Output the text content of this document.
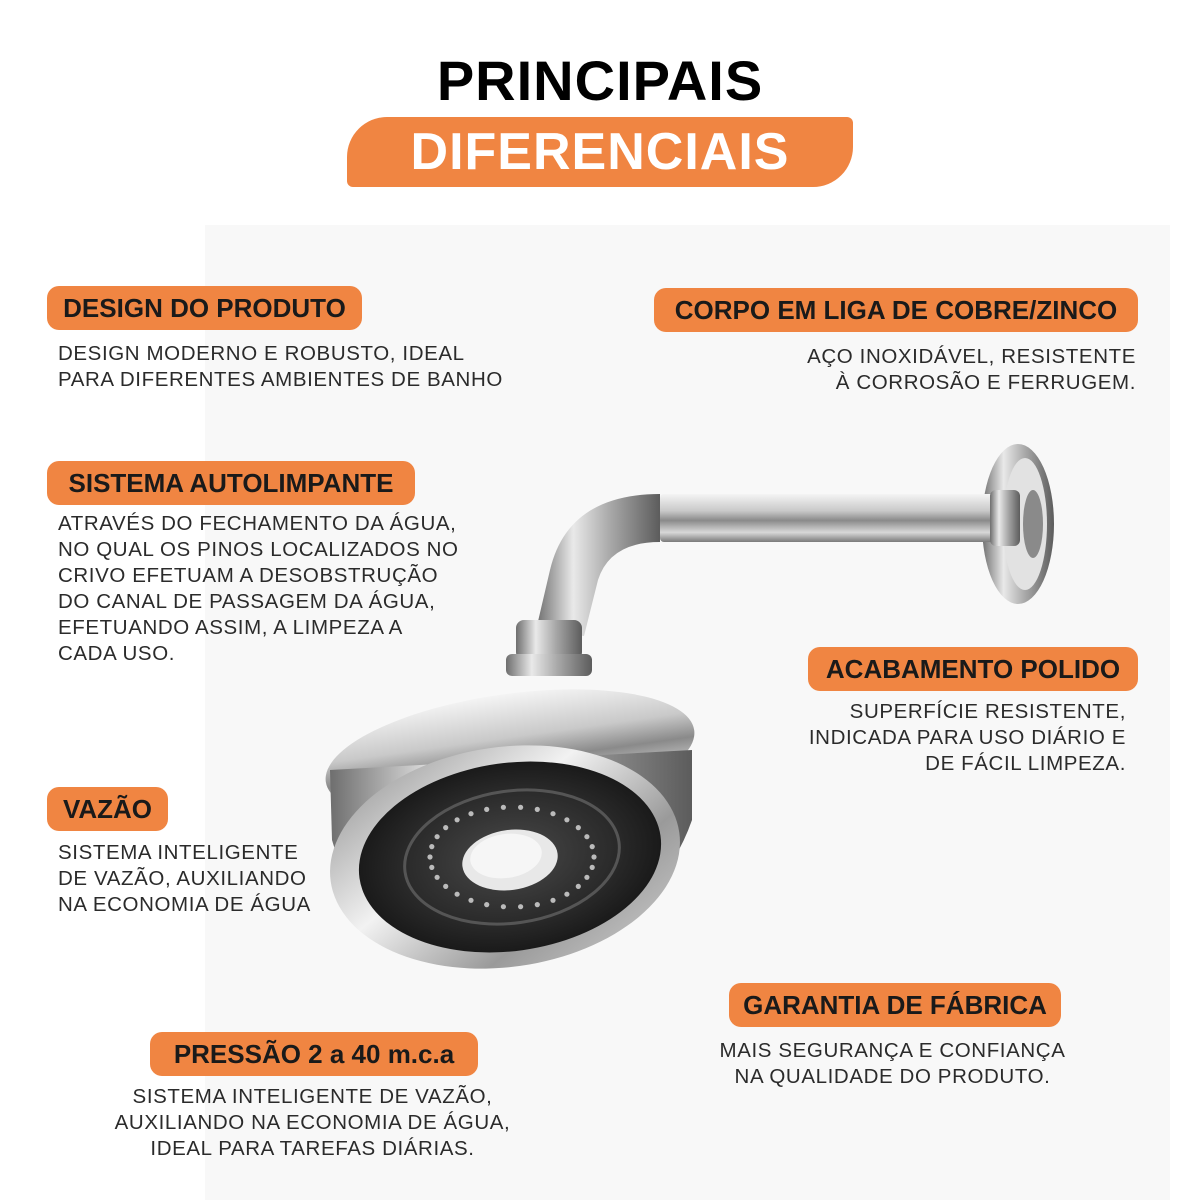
PRINCIPAIS
DIFERENCIAIS
DESIGN DO PRODUTO
DESIGN MODERNO E ROBUSTO, IDEAL
PARA DIFERENTES AMBIENTES DE BANHO
CORPO EM LIGA DE COBRE/ZINCO
AÇO INOXIDÁVEL, RESISTENTE
À CORROSÃO E FERRUGEM.
SISTEMA AUTOLIMPANTE
ATRAVÉS DO FECHAMENTO DA ÁGUA,
NO QUAL OS PINOS LOCALIZADOS NO
CRIVO EFETUAM A DESOBSTRUÇÃO
DO CANAL DE PASSAGEM DA ÁGUA,
EFETUANDO ASSIM, A LIMPEZA A
CADA USO.	ACABAMENTO POLIDO
SUPERFÍCIE RESISTENTE,
INDICADA PARA USO DIÁRIO E
DE FÁCIL LIMPEZA.
VAZÃO
SISTEMA INTELIGENTE
DE VAZÃO, AUXILIANDO
NA ECONOMIA DE ÁGUA
GARANTIA DE FÁBRICA
MAIS SEGURANÇA E CONFIANÇA
NA QUALIDADE DO PRODUTO.
PRESSÃO 2 a 40 m.c.a
SISTEMA INTELIGENTE DE VAZÃO,
AUXILIANDO NA ECONOMIA DE ÁGUA,
IDEAL PARA TAREFAS DIÁRIAS.
